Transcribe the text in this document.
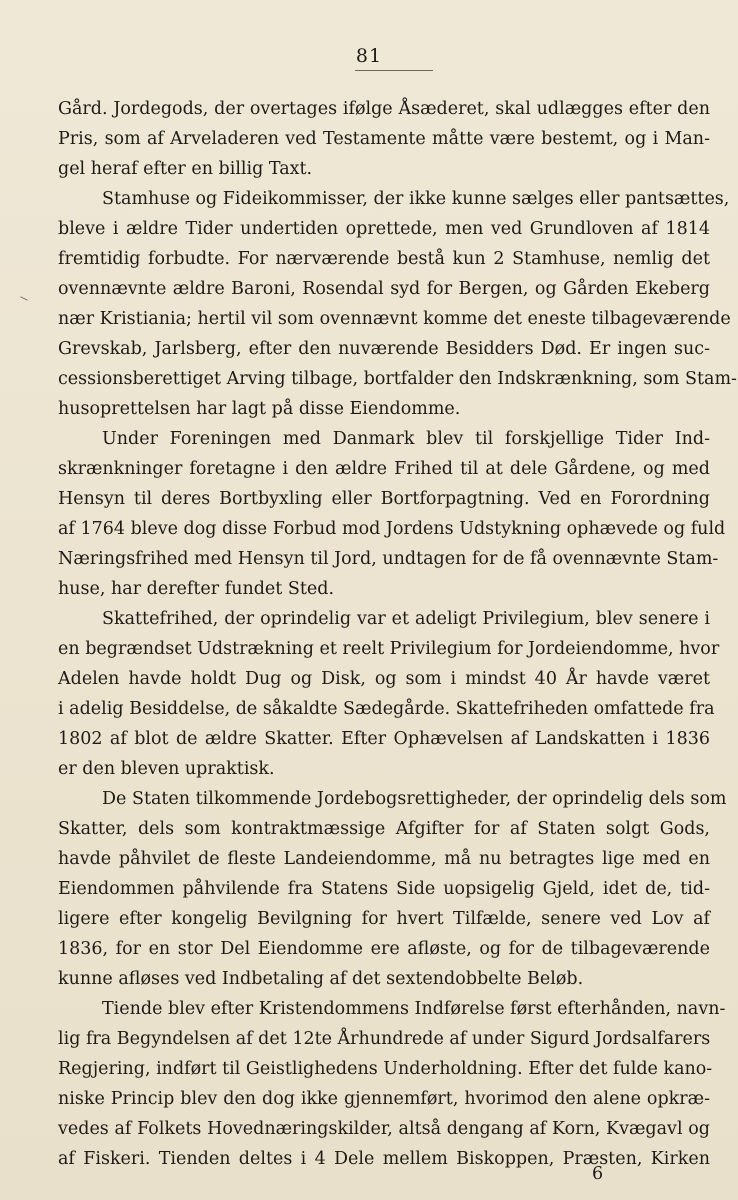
81
Gård. Jordegods, der overtages ifølge Åsæderet, skal udlægges efter den
Pris, som af Arveladeren ved Testamente måtte være bestemt, og i Man-
gel heraf efter en billig Taxt.
Stamhuse og Fideikommisser, der ikke kunne sælges eller pantsættes,
bleve i ældre Tider undertiden oprettede, men ved Grundloven af 1814
fremtidig forbudte. For nærværende bestå kun 2 Stamhuse, nemlig det
ovennævnte ældre Baroni, Rosendal syd for Bergen, og Gården Ekeberg
nær Kristiania; hertil vil som ovennævnt komme det eneste tilbageværende
Grevskab, Jarlsberg, efter den nuværende Besidders Død. Er ingen suc-
cessionsberettiget Arving tilbage, bortfalder den Indskrænkning, som Stam-
husoprettelsen har lagt på disse Eiendomme.
Under Foreningen med Danmark blev til forskjellige Tider Ind-
skrænkninger foretagne i den ældre Frihed til at dele Gårdene, og med
Hensyn til deres Bortbyxling eller Bortforpagtning. Ved en Forordning
af 1764 bleve dog disse Forbud mod Jordens Udstykning ophævede og fuld
Næringsfrihed med Hensyn til Jord, undtagen for de få ovennævnte Stam-
huse, har derefter fundet Sted.
Skattefrihed, der oprindelig var et adeligt Privilegium, blev senere i
en begrændset Udstrækning et reelt Privilegium for Jordeiendomme, hvor
Adelen havde holdt Dug og Disk, og som i mindst 40 År havde været
i adelig Besiddelse, de såkaldte Sædegårde. Skattefriheden omfattede fra
1802 af blot de ældre Skatter. Efter Ophævelsen af Landskatten i 1836
er den bleven upraktisk.
De Staten tilkommende Jordebogsrettigheder, der oprindelig dels som
Skatter, dels som kontraktmæssige Afgifter for af Staten solgt Gods,
havde påhvilet de fleste Landeiendomme, må nu betragtes lige med en
Eiendommen påhvilende fra Statens Side uopsigelig Gjeld, idet de, tid-
ligere efter kongelig Bevilgning for hvert Tilfælde, senere ved Lov af
1836, for en stor Del Eiendomme ere afløste, og for de tilbageværende
kunne afløses ved Indbetaling af det sextendobbelte Beløb.
Tiende blev efter Kristendommens Indførelse først efterhånden, navn-
lig fra Begyndelsen af det 12te Århundrede af under Sigurd Jordsalfarers
Regjering, indført til Geistlighedens Underholdning. Efter det fulde kano-
niske Princip blev den dog ikke gjennemført, hvorimod den alene opkræ-
vedes af Folkets Hovednæringskilder, altså dengang af Korn, Kvægavl og
af Fiskeri. Tienden deltes i 4 Dele mellem Biskoppen, Præsten, Kirken
6
